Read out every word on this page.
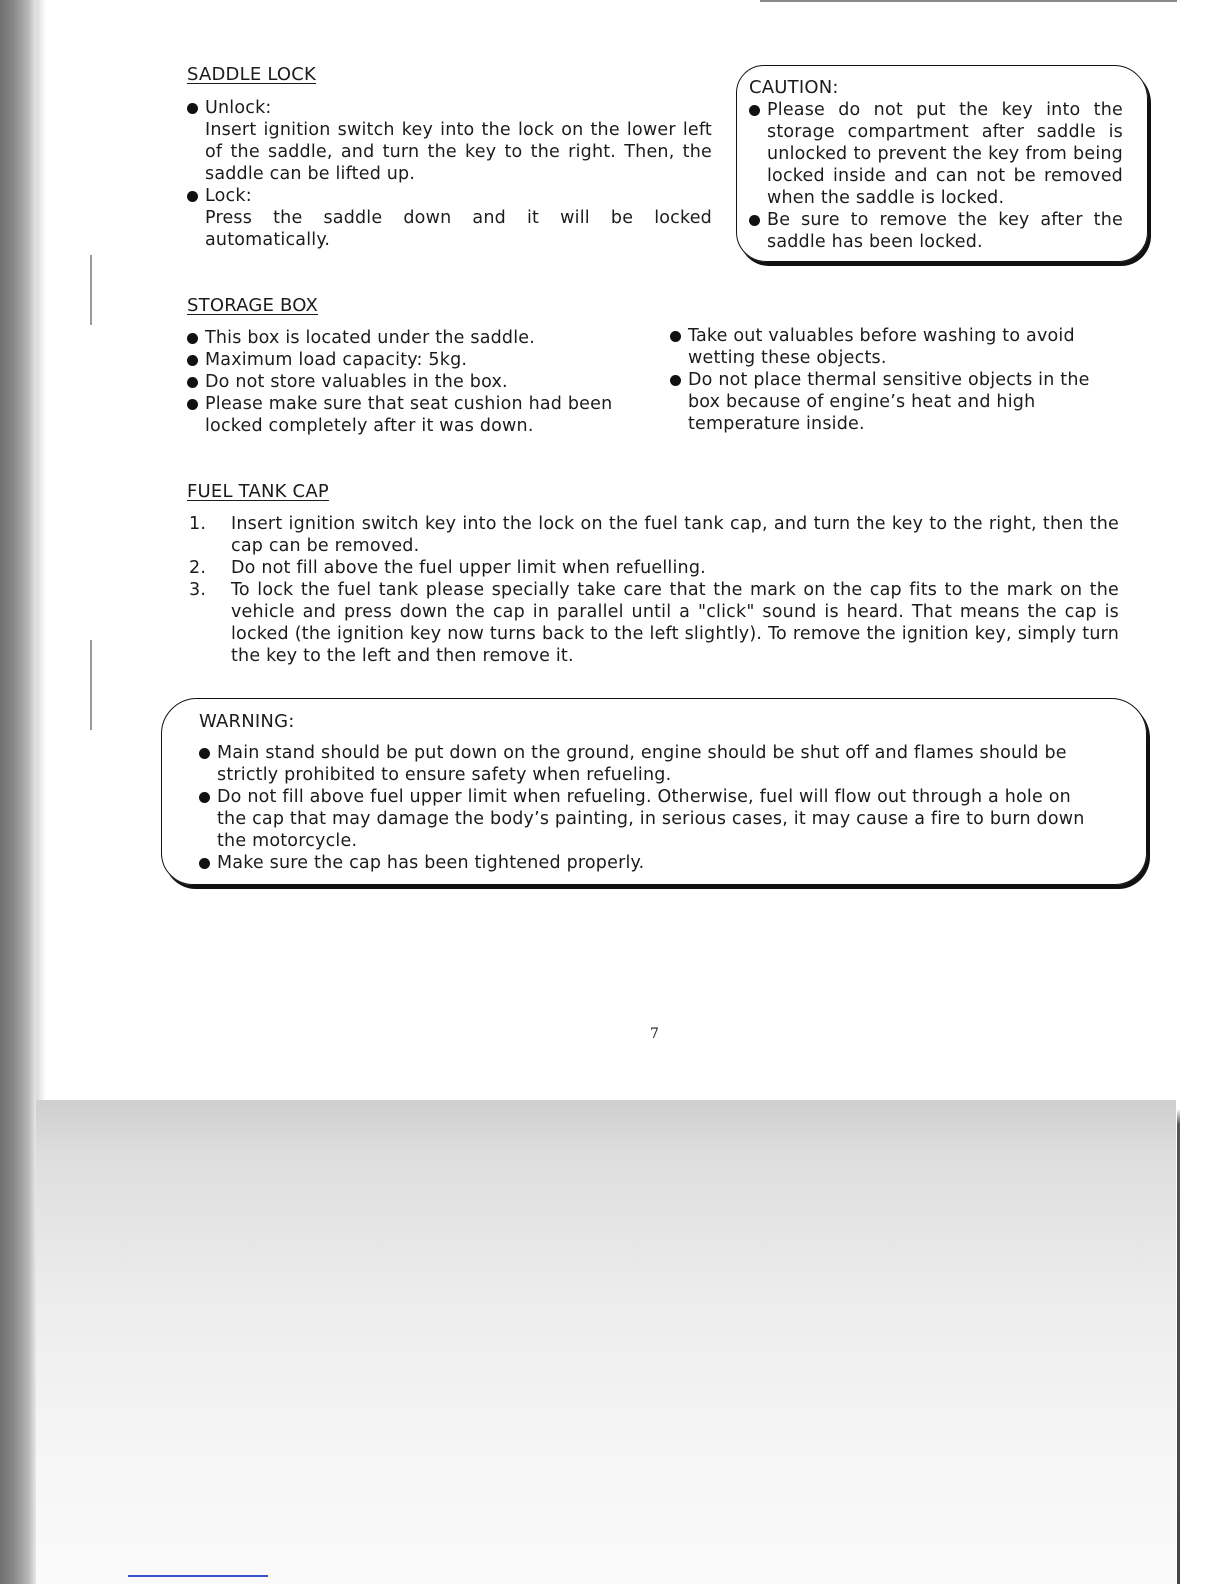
SADDLE LOCK
Unlock:
Insert ignition switch key into the lock on the lower left of the saddle, and turn the key to the right. Then, the saddle can be lifted up.
Lock:
Press the saddle down and it will be locked automatically.
CAUTION:
Please do not put the key into the storage compartment after saddle is unlocked to prevent the key from being locked inside and can not be removed when the saddle is locked.
Be sure to remove the key after the saddle has been locked.
STORAGE BOX
This box is located under the saddle.
Maximum load capacity: 5kg.
Do not store valuables in the box.
Please make sure that seat cushion had been locked completely after it was down.
Take out valuables before washing to avoid wetting these objects.
Do not place thermal sensitive objects in the box because of engine’s heat and high temperature inside.
FUEL TANK CAP
1. Insert ignition switch key into the lock on the fuel tank cap, and turn the key to the right, then the cap can be removed.
2. Do not fill above the fuel upper limit when refuelling.
3. To lock the fuel tank please specially take care that the mark on the cap fits to the mark on the vehicle and press down the cap in parallel until a "click" sound is heard. That means the cap is locked (the ignition key now turns back to the left slightly). To remove the ignition key, simply turn the key to the left and then remove it.
WARNING:
Main stand should be put down on the ground, engine should be shut off and flames should be strictly prohibited to ensure safety when refueling.
Do not fill above fuel upper limit when refueling. Otherwise, fuel will flow out through a hole on the cap that may damage the body’s painting, in serious cases, it may cause a fire to burn down the motorcycle.
Make sure the cap has been tightened properly.
7
